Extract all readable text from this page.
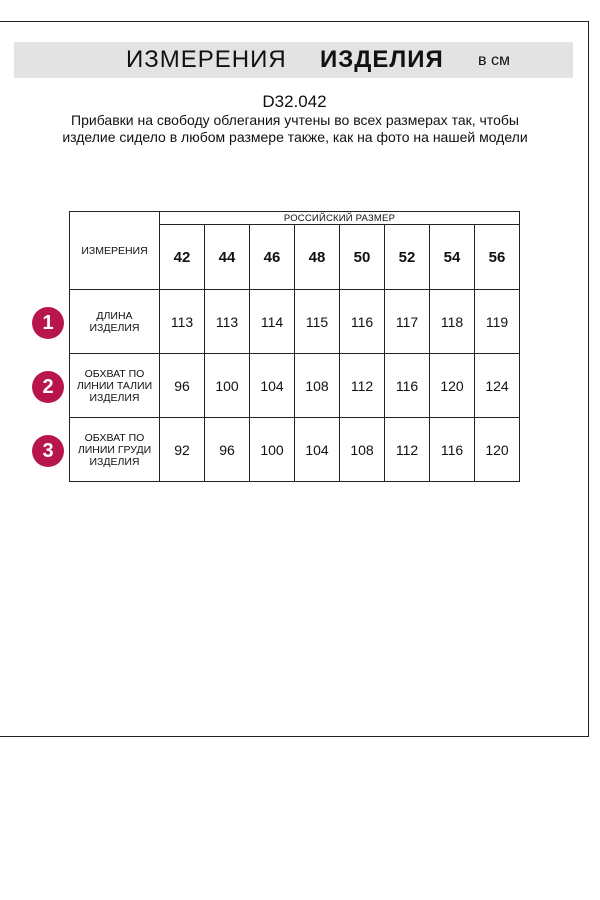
ИЗМЕРЕНИЯ ИЗДЕЛИЯ в см
D32.042
Прибавки на свободу облегания учтены во всех размерах так, чтобы изделие сидело в любом размере также, как на фото на нашей модели
ИЗМЕРЕНИЯ	РОССИЙСКИЙ РАЗМЕР							
	42	44	46	48	50	52	54	56
ДЛИНА ИЗДЕЛИЯ	113	113	114	115	116	117	118	119
ОБХВАТ ПО ЛИНИИ ТАЛИИ ИЗДЕЛИЯ	96	100	104	108	112	116	120	124
ОБХВАТ ПО ЛИНИИ ГРУДИ ИЗДЕЛИЯ	92	96	100	104	108	112	116	120
1
2
3
